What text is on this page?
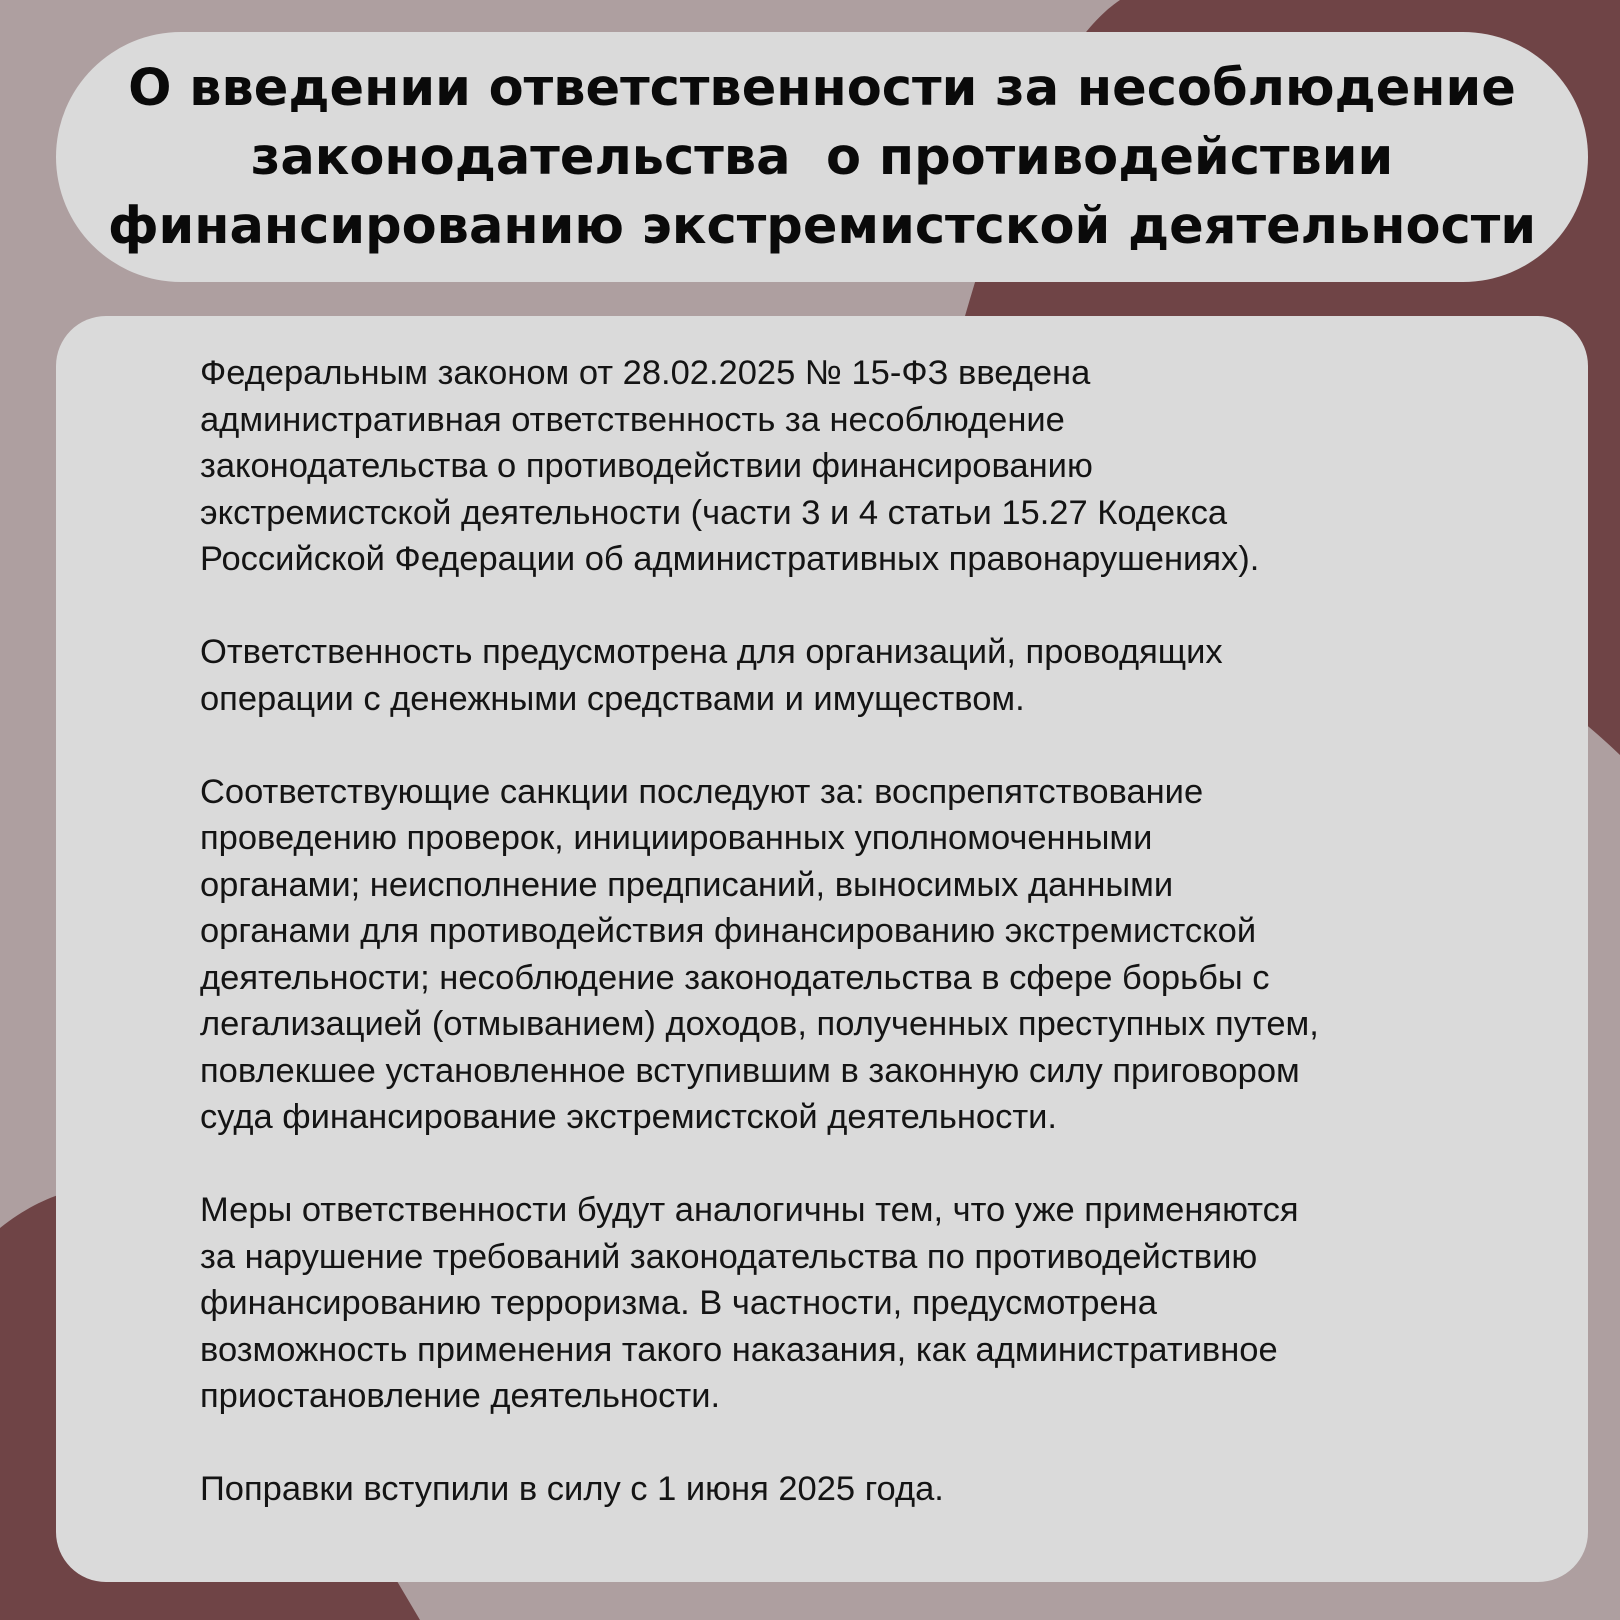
О введении ответственности за несоблюдение
законодательства  о противодействии
финансированию экстремистской деятельности

Федеральным законом от 28.02.2025 № 15-ФЗ введена
административная ответственность за несоблюдение
законодательства о противодействии финансированию
экстремистской деятельности (части 3 и 4 статьи 15.27 Кодекса
Российской Федерации об административных правонарушениях).

Ответственность предусмотрена для организаций, проводящих
операции с денежными средствами и имуществом.

Соответствующие санкции последуют за: воспрепятствование
проведению проверок, инициированных уполномоченными
органами; неисполнение предписаний, выносимых данными
органами для противодействия финансированию экстремистской
деятельности; несоблюдение законодательства в сфере борьбы с
легализацией (отмыванием) доходов, полученных преступных путем,
повлекшее установленное вступившим в законную силу приговором
суда финансирование экстремистской деятельности.

Меры ответственности будут аналогичны тем, что уже применяются
за нарушение требований законодательства по противодействию
финансированию терроризма. В частности, предусмотрена
возможность применения такого наказания, как административное
приостановление деятельности.

Поправки вступили в силу с 1 июня 2025 года.
